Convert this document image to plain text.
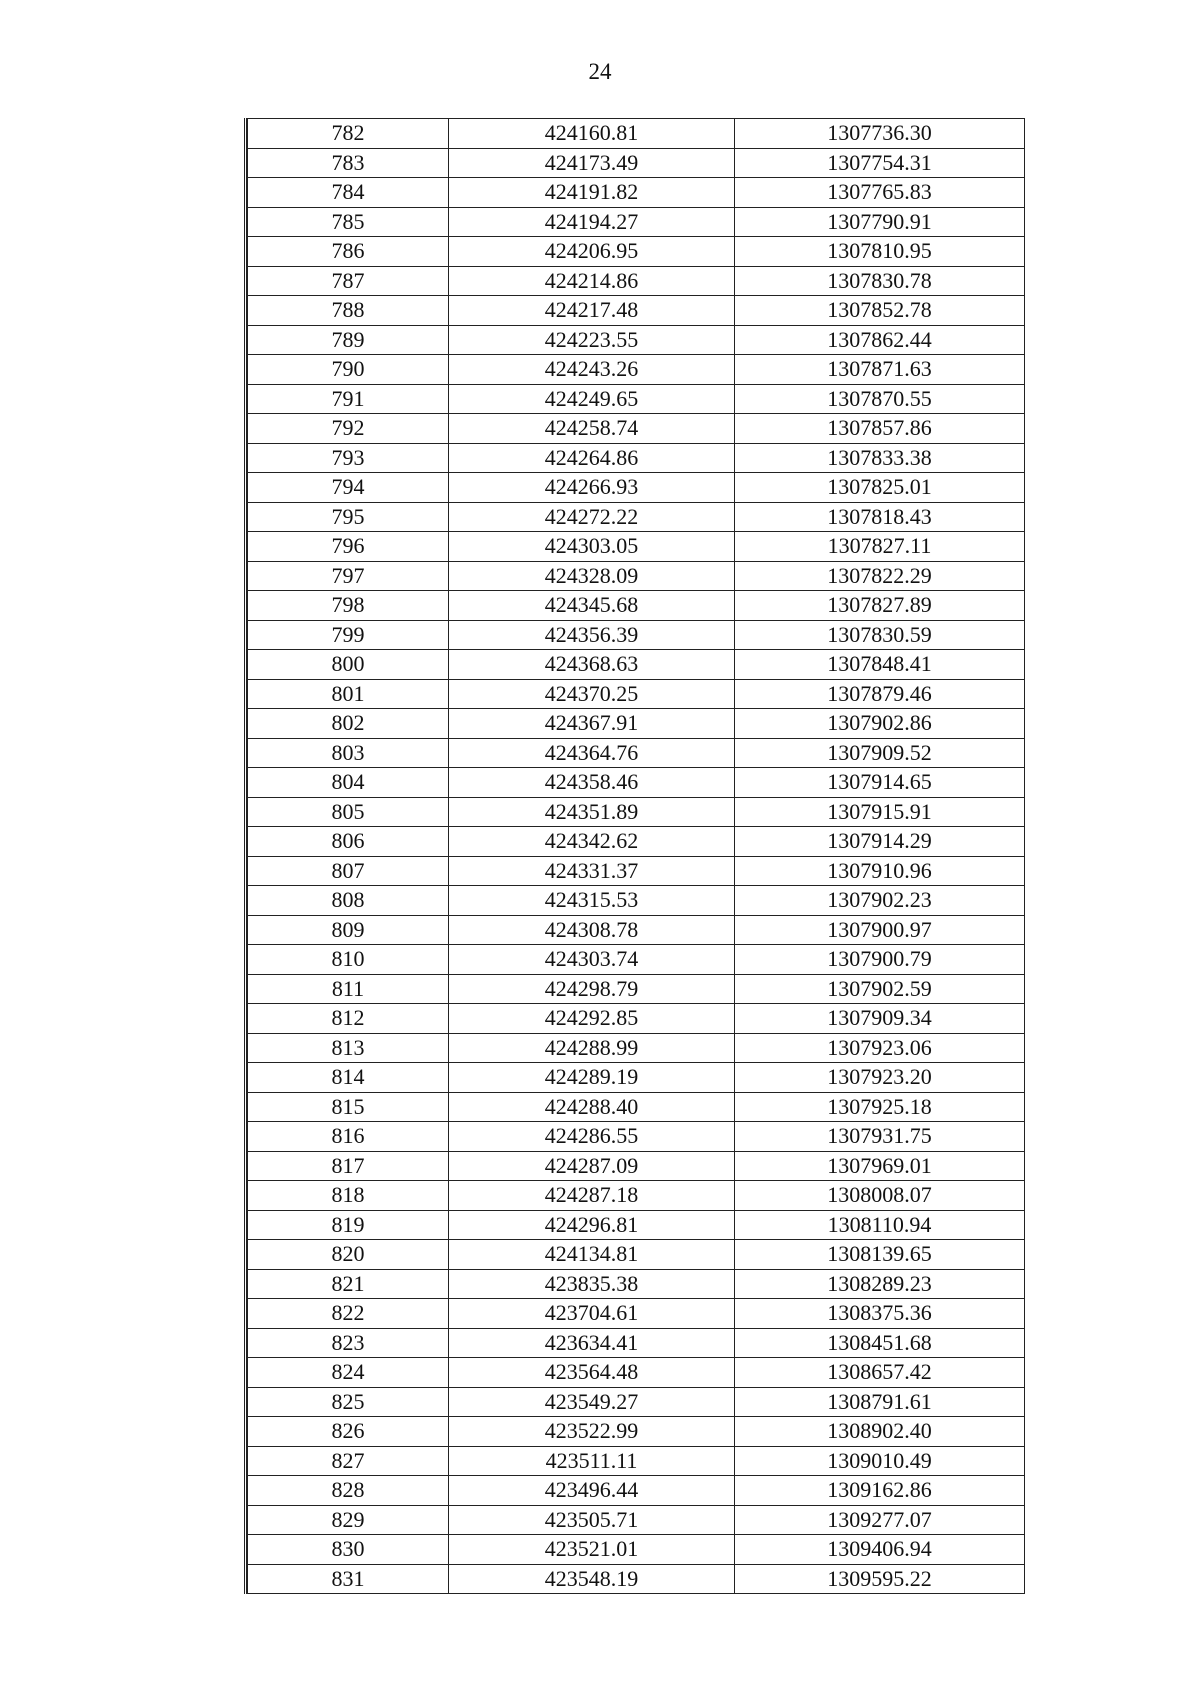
24
782	424160.81	1307736.30
783	424173.49	1307754.31
784	424191.82	1307765.83
785	424194.27	1307790.91
786	424206.95	1307810.95
787	424214.86	1307830.78
788	424217.48	1307852.78
789	424223.55	1307862.44
790	424243.26	1307871.63
791	424249.65	1307870.55
792	424258.74	1307857.86
793	424264.86	1307833.38
794	424266.93	1307825.01
795	424272.22	1307818.43
796	424303.05	1307827.11
797	424328.09	1307822.29
798	424345.68	1307827.89
799	424356.39	1307830.59
800	424368.63	1307848.41
801	424370.25	1307879.46
802	424367.91	1307902.86
803	424364.76	1307909.52
804	424358.46	1307914.65
805	424351.89	1307915.91
806	424342.62	1307914.29
807	424331.37	1307910.96
808	424315.53	1307902.23
809	424308.78	1307900.97
810	424303.74	1307900.79
811	424298.79	1307902.59
812	424292.85	1307909.34
813	424288.99	1307923.06
814	424289.19	1307923.20
815	424288.40	1307925.18
816	424286.55	1307931.75
817	424287.09	1307969.01
818	424287.18	1308008.07
819	424296.81	1308110.94
820	424134.81	1308139.65
821	423835.38	1308289.23
822	423704.61	1308375.36
823	423634.41	1308451.68
824	423564.48	1308657.42
825	423549.27	1308791.61
826	423522.99	1308902.40
827	423511.11	1309010.49
828	423496.44	1309162.86
829	423505.71	1309277.07
830	423521.01	1309406.94
831	423548.19	1309595.22
